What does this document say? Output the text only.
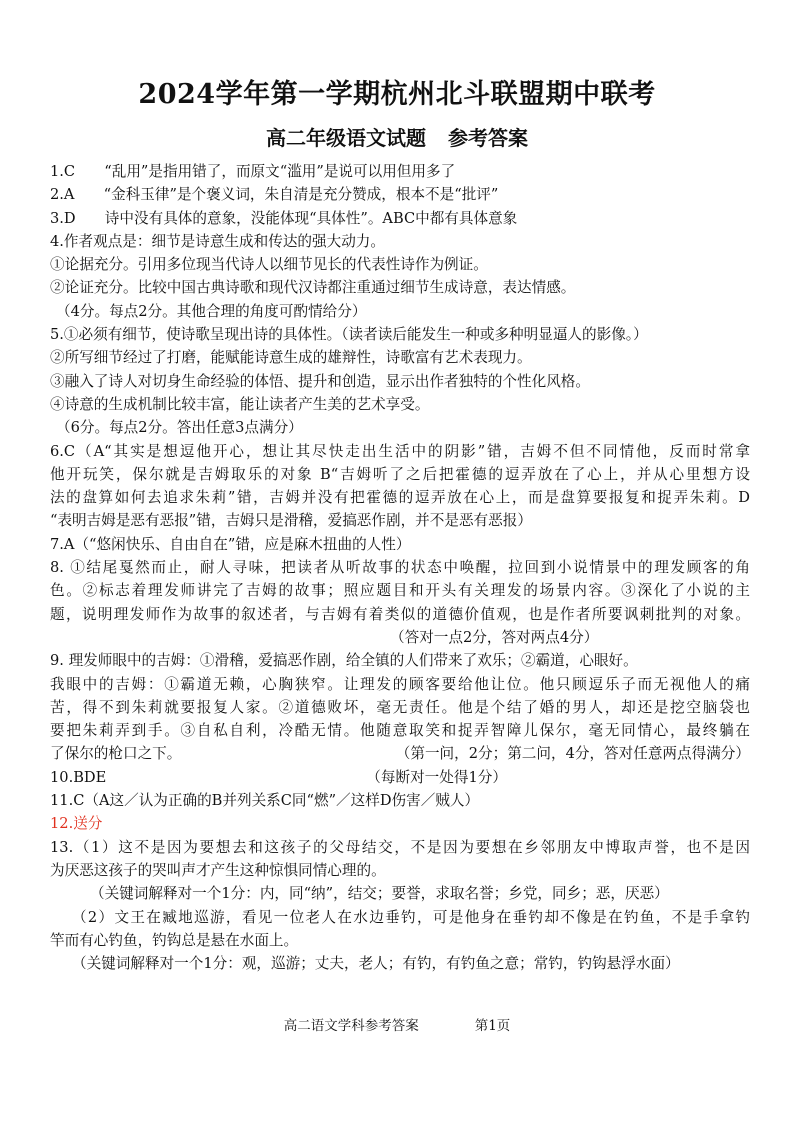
2024学年第一学期杭州北斗联盟期中联考
高二年级语文试题 参考答案
1.C　　“乱用”是指用错了，而原文“滥用”是说可以用但用多了
2.A　　“金科玉律”是个褒义词，朱自清是充分赞成，根本不是“批评”
3.D　　诗中没有具体的意象，没能体现“具体性”。ABC中都有具体意象
4.作者观点是：细节是诗意生成和传达的强大动力。
①论据充分。引用多位现当代诗人以细节见长的代表性诗作为例证。
②论证充分。比较中国古典诗歌和现代汉诗都注重通过细节生成诗意，表达情感。
（4分。每点2分。其他合理的角度可酌情给分）
5.①必须有细节，使诗歌呈现出诗的具体性。（读者读后能发生一种或多种明显逼人的影像。）
②所写细节经过了打磨，能赋能诗意生成的雄辩性，诗歌富有艺术表现力。
③融入了诗人对切身生命经验的体悟、提升和创造，显示出作者独特的个性化风格。
④诗意的生成机制比较丰富，能让读者产生美的艺术享受。
（6分。每点2分。答出任意3点满分）
6.C（A“其实是想逗他开心，想让其尽快走出生活中的阴影”错，吉姆不但不同情他，反而时常拿
他开玩笑，保尔就是吉姆取乐的对象 B“吉姆听了之后把霍德的逗弄放在了心上，并从心里想方设
法的盘算如何去追求朱莉”错，吉姆并没有把霍德的逗弄放在心上，而是盘算要报复和捉弄朱莉。D
“表明吉姆是恶有恶报”错，吉姆只是滑稽，爱搞恶作剧，并不是恶有恶报）
7.A（“悠闲快乐、自由自在”错，应是麻木扭曲的人性）
8. ①结尾戛然而止，耐人寻味，把读者从听故事的状态中唤醒，拉回到小说情景中的理发顾客的角
色。②标志着理发师讲完了吉姆的故事；照应题目和开头有关理发的场景内容。③深化了小说的主
题，说明理发师作为故事的叙述者，与吉姆有着类似的道德价值观，也是作者所要讽刺批判的对象。
（答对一点2分，答对两点4分）
9. 理发师眼中的吉姆：①滑稽，爱搞恶作剧，给全镇的人们带来了欢乐；②霸道，心眼好。
我眼中的吉姆：①霸道无赖，心胸狭窄。让理发的顾客要给他让位。他只顾逗乐子而无视他人的痛
苦，得不到朱莉就要报复人家。②道德败坏，毫无责任。他是个结了婚的男人，却还是挖空脑袋也
要把朱莉弄到手。③自私自利，冷酷无情。他随意取笑和捉弄智障儿保尔，毫无同情心，最终躺在
了保尔的枪口之下。	（第一问，2分；第二问，4分，答对任意两点得满分）
10.BDE	（每断对一处得1分）
11.C（A这／认为正确的B并列关系C同“燃”／这样D伤害／贼人）
12.送分
13.（1）这不是因为要想去和这孩子的父母结交，不是因为要想在乡邻朋友中博取声誉，也不是因
为厌恶这孩子的哭叫声才产生这种惊惧同情心理的。
（关键词解释对一个1分：内，同“纳”，结交；要誉，求取名誉；乡党，同乡；恶，厌恶）
（2）文王在臧地巡游，看见一位老人在水边垂钓，可是他身在垂钓却不像是在钓鱼，不是手拿钓
竿而有心钓鱼，钓钩总是悬在水面上。
（关键词解释对一个1分：观，巡游；丈夫，老人；有钓，有钓鱼之意；常钓，钓钩悬浮水面）
高二语文学科参考答案	第1页
